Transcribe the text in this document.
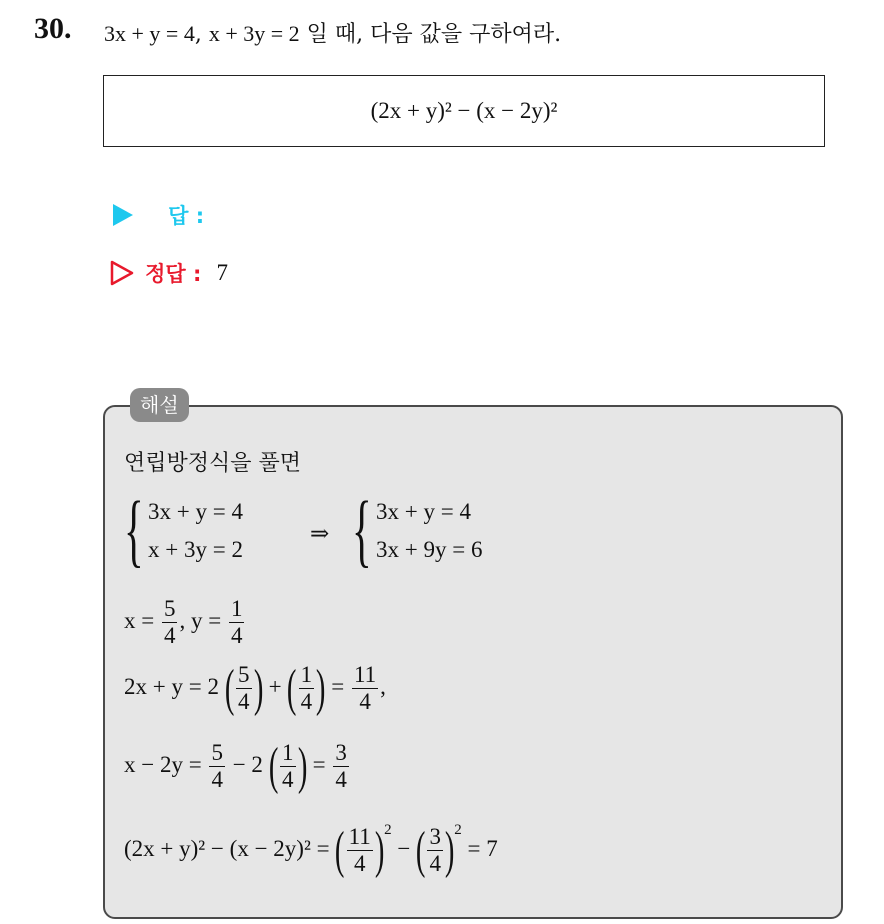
30. 3x + y = 4, x + 3y = 2 일 때, 다음 값을 구하여라.
(2x + y)² − (x − 2y)²
답 :
정답 : 7
해설
연립방정식을 풀면
{ 3x + y = 4
x + 3y = 2
⇒ { 3x + y = 4
3x + 9y = 6
$x = \frac{5}{4}$ , $y = \frac{1}{4}$
2x + y = 2 ( $\frac{5}{4}$ ) + ( $\frac{1}{4}$ ) = $\frac{11}{4}$ ,
$x - 2y = \frac{5}{4} - 2$ ( $\frac{1}{4}$ ) = $\frac{3}{4}$
(2x + y)² − (x − 2y)² = ( $\frac{11}{4} )^2$ − ( $\frac{3}{4} )^2 = 7$
